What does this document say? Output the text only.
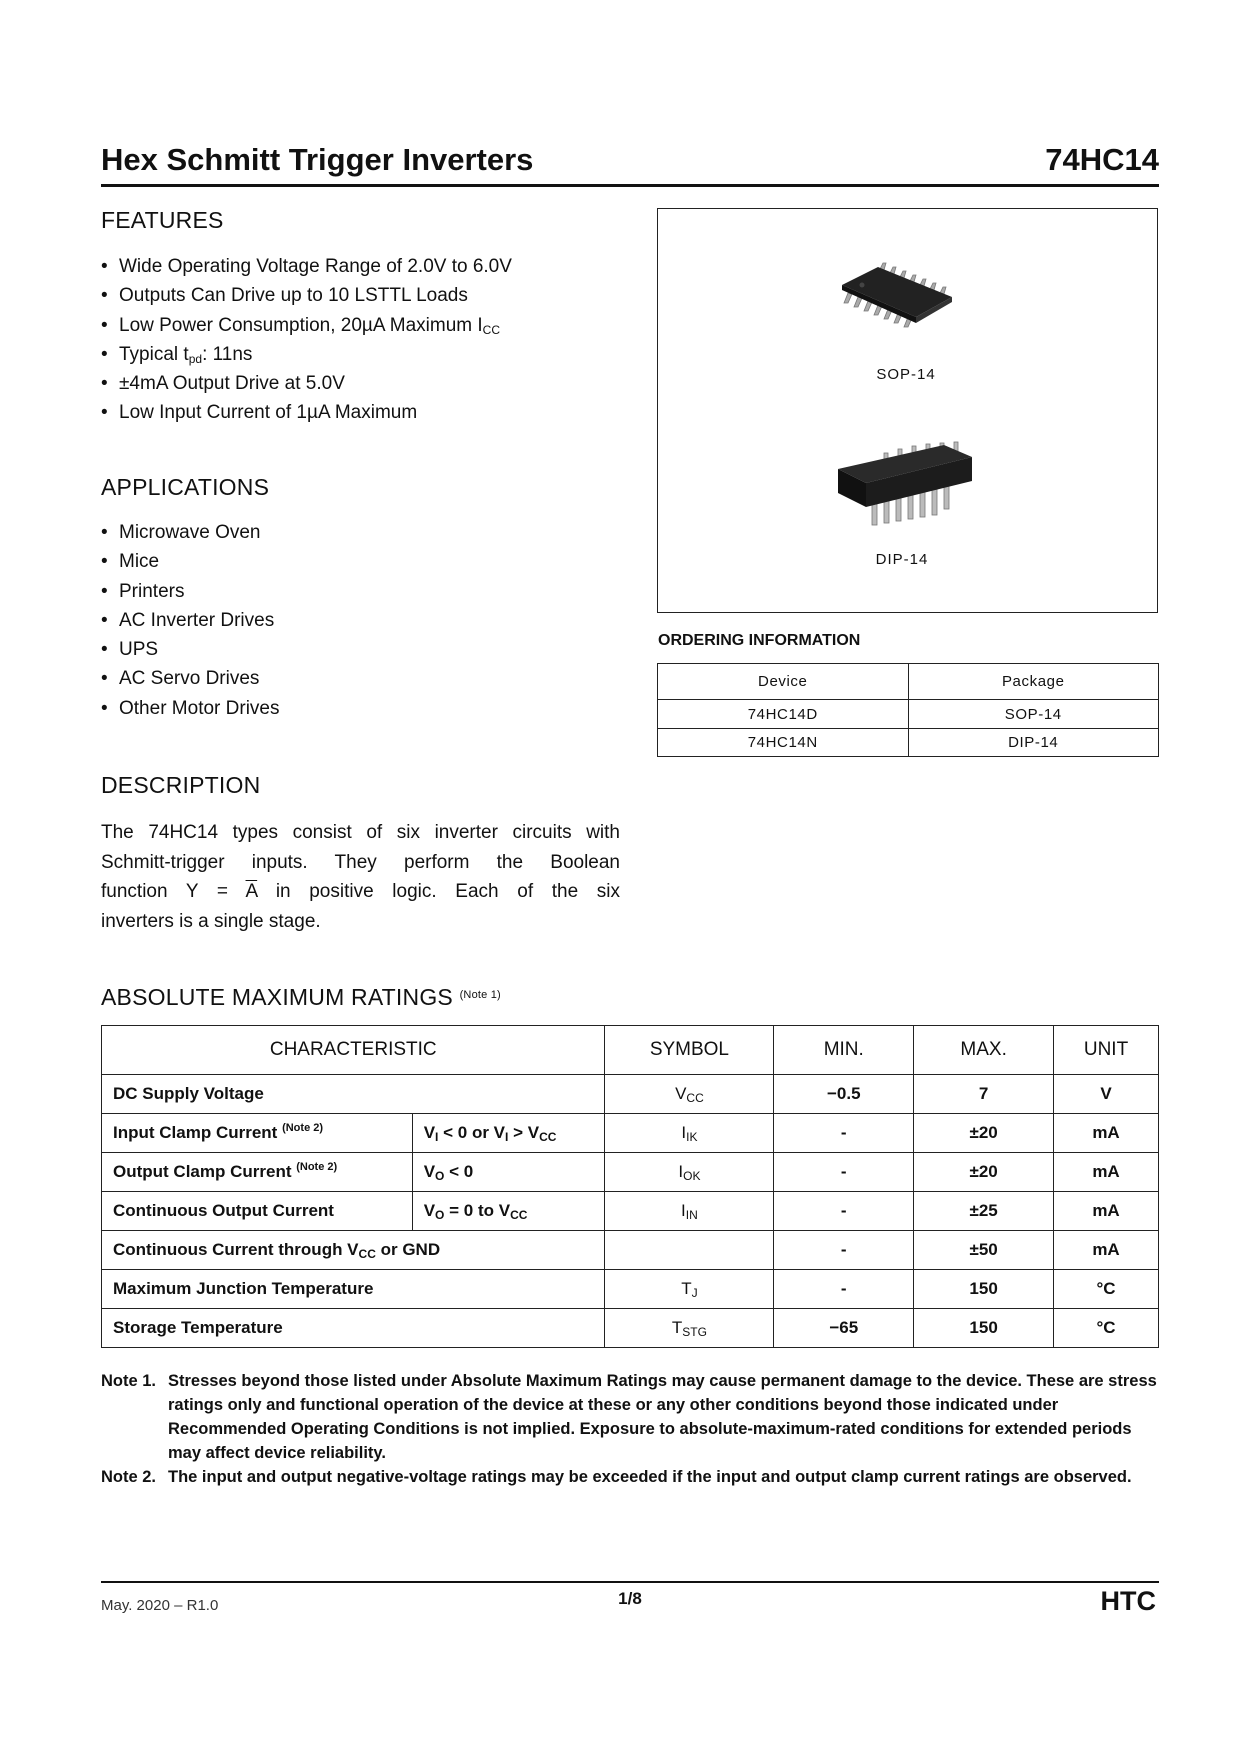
Hex Schmitt Trigger Inverters	74HC14
FEATURES
• Wide Operating Voltage Range of 2.0V to 6.0V
• Outputs Can Drive up to 10 LSTTL Loads
• Low Power Consumption, 20µA Maximum $I_{CC}$
• Typical $t_{pd}$: 11ns
• ±4mA Output Drive at 5.0V
• Low Input Current of 1µA Maximum
APPLICATIONS
• Microwave Oven
• Mice
• Printers
• AC Inverter Drives
• UPS
• AC Servo Drives
• Other Motor Drives
DESCRIPTION
The 74HC14 types consist of six inverter circuits with
Schmitt-trigger inputs. They perform the Boolean
function $Y = \overline{A}$ in positive logic. Each of the six
inverters is a single stage.
SOP-14
DIP-14
ORDERING INFORMATION
Device	Package
74HC14D	SOP-14
74HC14N	DIP-14
ABSOLUTE MAXIMUM RATINGS $^{(Note 1)}$
CHARACTERISTIC		SYMBOL	MIN.	MAX.	UNIT
DC Supply Voltage		$V_{CC}$	−0.5	7	V
Input Clamp Current $^{(Note 2)}$	$V_I < 0$ or $V_I > V_{CC}$	$I_{IK}$	-	±20	mA
Output Clamp Current $^{(Note 2)}$	$V_O < 0$	$I_{OK}$	-	±20	mA
Continuous Output Current	$V_O = 0$ to $V_{CC}$	$I_{IN}$	-	±25	mA
Continuous Current through $V_{CC}$ or GND			-	±50	mA
Maximum Junction Temperature		$T_J$	-	150	°C
Storage Temperature		$T_{STG}$	−65	150	°C
Note 1. Stresses beyond those listed under Absolute Maximum Ratings may cause permanent damage to the device. These are stress ratings only and functional operation of the device at these or any other conditions beyond those indicated under Recommended Operating Conditions is not implied. Exposure to absolute-maximum-rated conditions for extended periods may affect device reliability.
Note 2. The input and output negative-voltage ratings may be exceeded if the input and output clamp current ratings are observed.
May. 2020 – R1.0	1/8	HTC
